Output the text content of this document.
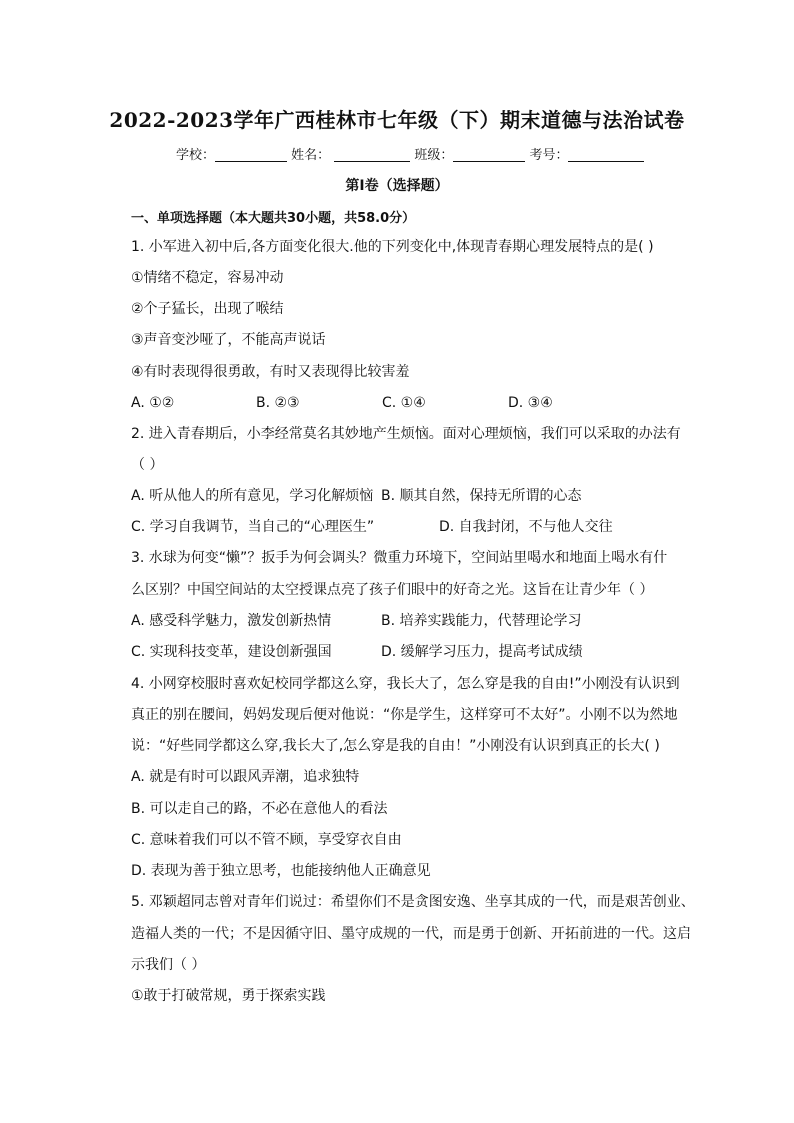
2022-2023学年广西桂林市七年级（下）期末道德与法治试卷
学校：	姓名：	班级：	考号：
第Ⅰ卷（选择题）
一、单项选择题（本大题共30小题，共58.0分）
1. 小军进入初中后,各方面变化很大.他的下列变化中,体现青春期心理发展特点的是( )
①情绪不稳定，容易冲动
②个子猛长，出现了喉结
③声音变沙哑了，不能高声说话
④有时表现得很勇敢，有时又表现得比较害羞
A. ①②	B. ②③	C. ①④	D. ③④
2. 进入青春期后，小李经常莫名其妙地产生烦恼。面对心理烦恼，我们可以采取的办法有
（ ）
A. 听从他人的所有意见，学习化解烦恼 B. 顺其自然，保持无所谓的心态
C. 学习自我调节，当自己的“心理医生”	D. 自我封闭，不与他人交往
3. 水球为何变“懒”？扳手为何会调头？微重力环境下，空间站里喝水和地面上喝水有什
么区别？中国空间站的太空授课点亮了孩子们眼中的好奇之光。这旨在让青少年（ ）
A. 感受科学魅力，激发创新热情	B. 培养实践能力，代替理论学习
C. 实现科技变革，建设创新强国	D. 缓解学习压力，提高考试成绩
4. 小网穿校服时喜欢妃校同学都这么穿，我长大了，怎么穿是我的自由!”小刚没有认识到
真正的别在腰间，妈妈发现后便对他说：“你是学生，这样穿可不太好”。小刚不以为然地
说：“好些同学都这么穿,我长大了,怎么穿是我的自由！”小刚没有认识到真正的长大( )
A. 就是有时可以跟风弄潮，追求独特
B. 可以走自己的路，不必在意他人的看法
C. 意味着我们可以不管不顾，享受穿衣自由
D. 表现为善于独立思考，也能接纳他人正确意见
5. 邓颖超同志曾对青年们说过：希望你们不是贪图安逸、坐享其成的一代，而是艰苦创业、
造福人类的一代；不是因循守旧、墨守成规的一代，而是勇于创新、开拓前进的一代。这启
示我们（ ）
①敢于打破常规，勇于探索实践
